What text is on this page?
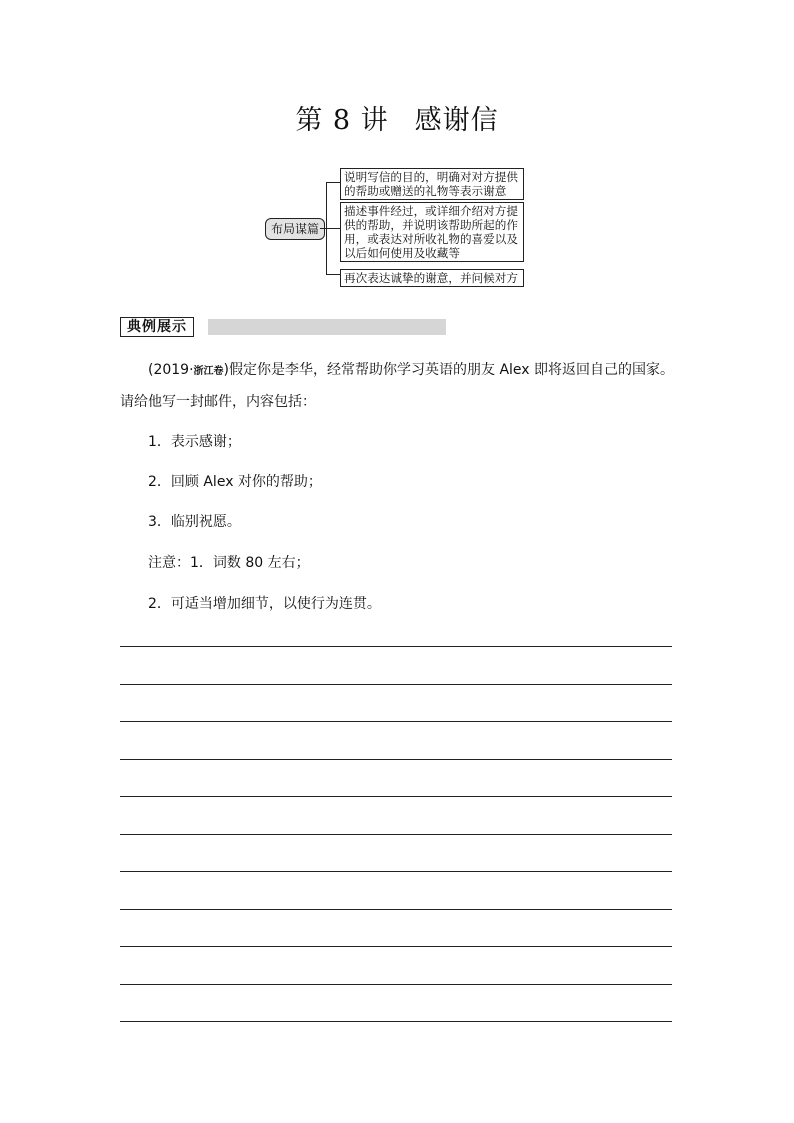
第 8 讲 感谢信
布局谋篇
说明写信的目的，明确对对方提供
的帮助或赠送的礼物等表示谢意
描述事件经过，或详细介绍对方提
供的帮助，并说明该帮助所起的作
用，或表达对所收礼物的喜爱以及
以后如何使用及收藏等
再次表达诚挚的谢意，并问候对方
典例展示
(2019·浙江卷)假定你是李华，经常帮助你学习英语的朋友 Alex 即将返回自己的国家。请给他写一封邮件，内容包括：
1．表示感谢；
2．回顾 Alex 对你的帮助；
3．临别祝愿。
注意：1．词数 80 左右；
2．可适当增加细节，以使行为连贯。
